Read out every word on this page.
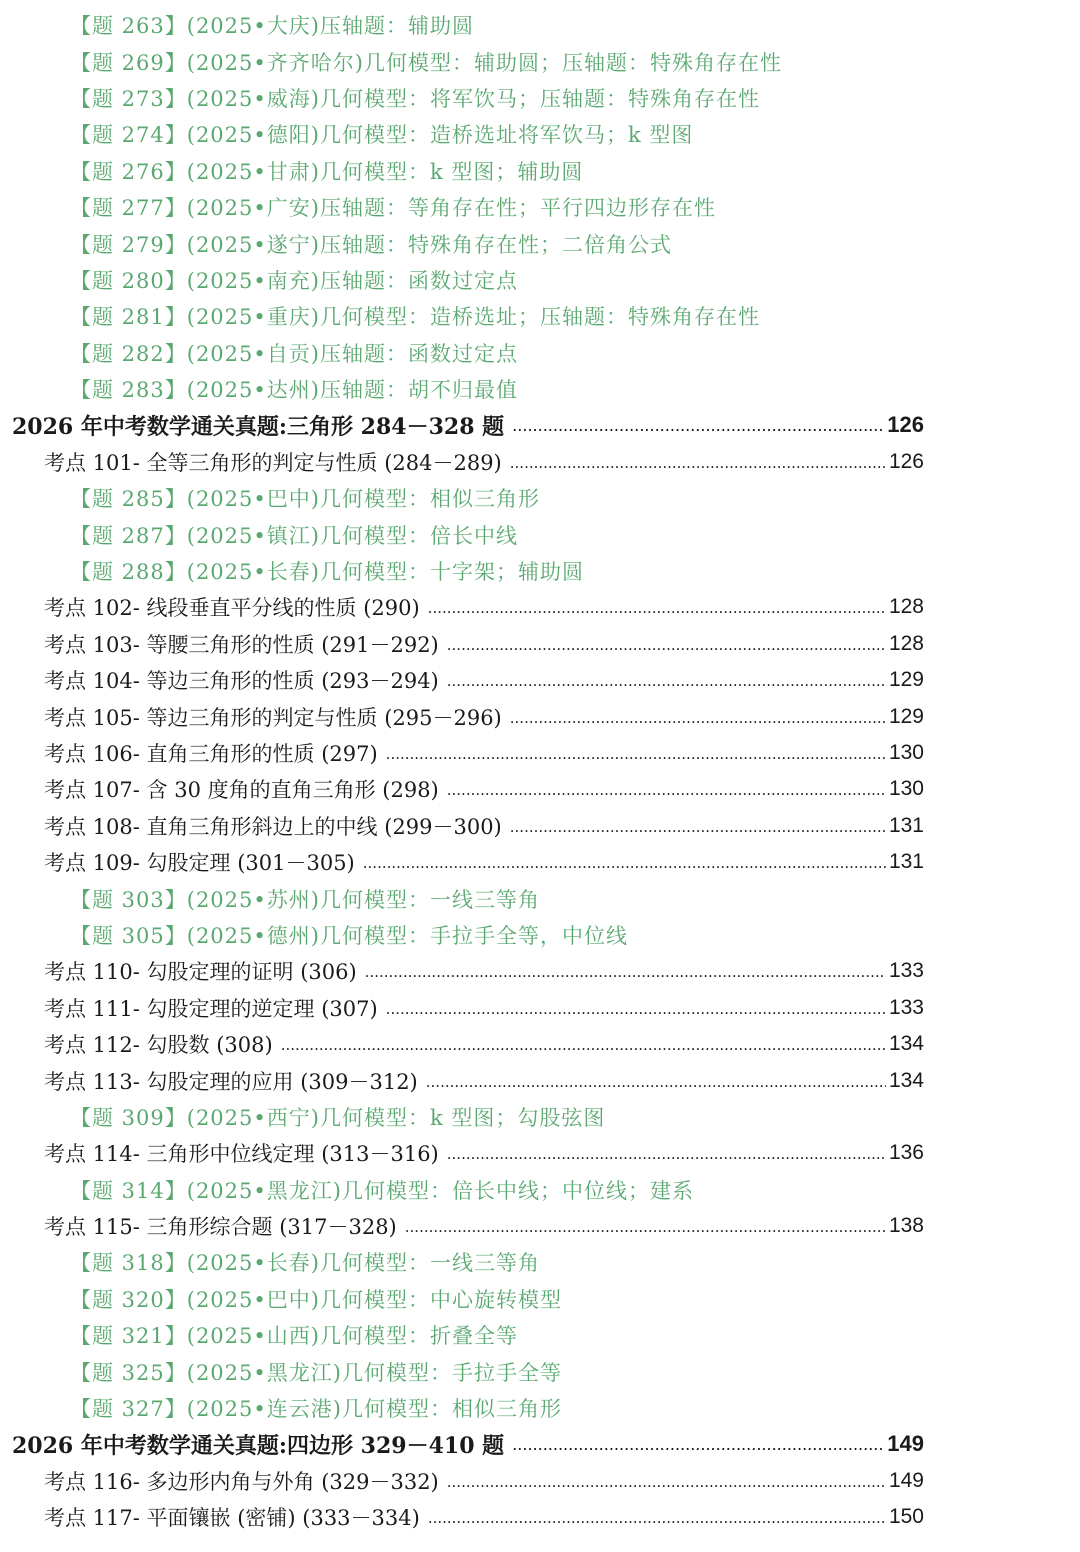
【题 263】(2025•大庆)压轴题：辅助圆
【题 269】(2025•齐齐哈尔)几何模型：辅助圆；压轴题：特殊角存在性
【题 273】(2025•威海)几何模型：将军饮马；压轴题：特殊角存在性
【题 274】(2025•德阳)几何模型：造桥选址将军饮马；k 型图
【题 276】(2025•甘肃)几何模型：k 型图；辅助圆
【题 277】(2025•广安)压轴题：等角存在性；平行四边形存在性
【题 279】(2025•遂宁)压轴题：特殊角存在性；二倍角公式
【题 280】(2025•南充)压轴题：函数过定点
【题 281】(2025•重庆)几何模型：造桥选址；压轴题：特殊角存在性
【题 282】(2025•自贡)压轴题：函数过定点
【题 283】(2025•达州)压轴题：胡不归最值
2026 年中考数学通关真题:三角形 284－328 题 .....	126
考点 101- 全等三角形的判定与性质 (284－289) .....	126
【题 285】(2025•巴中)几何模型：相似三角形
【题 287】(2025•镇江)几何模型：倍长中线
【题 288】(2025•长春)几何模型：十字架；辅助圆
考点 102- 线段垂直平分线的性质 (290) .....	128
考点 103- 等腰三角形的性质 (291－292) .....	128
考点 104- 等边三角形的性质 (293－294) .....	129
考点 105- 等边三角形的判定与性质 (295－296) .....	129
考点 106- 直角三角形的性质 (297) .....	130
考点 107- 含 30 度角的直角三角形 (298) .....	130
考点 108- 直角三角形斜边上的中线 (299－300) .....	131
考点 109- 勾股定理 (301－305) .....	131
【题 303】(2025•苏州)几何模型：一线三等角
【题 305】(2025•德州)几何模型：手拉手全等，中位线
考点 110- 勾股定理的证明 (306) .....	133
考点 111- 勾股定理的逆定理 (307) .....	133
考点 112- 勾股数 (308) .....	134
考点 113- 勾股定理的应用 (309－312) .....	134
【题 309】(2025•西宁)几何模型：k 型图；勾股弦图
考点 114- 三角形中位线定理 (313－316) .....	136
【题 314】(2025•黑龙江)几何模型：倍长中线；中位线；建系
考点 115- 三角形综合题 (317－328) .....	138
【题 318】(2025•长春)几何模型：一线三等角
【题 320】(2025•巴中)几何模型：中心旋转模型
【题 321】(2025•山西)几何模型：折叠全等
【题 325】(2025•黑龙江)几何模型：手拉手全等
【题 327】(2025•连云港)几何模型：相似三角形
2026 年中考数学通关真题:四边形 329－410 题 .....	149
考点 116- 多边形内角与外角 (329－332) .....	149
考点 117- 平面镶嵌 (密铺) (333－334) .....	150
